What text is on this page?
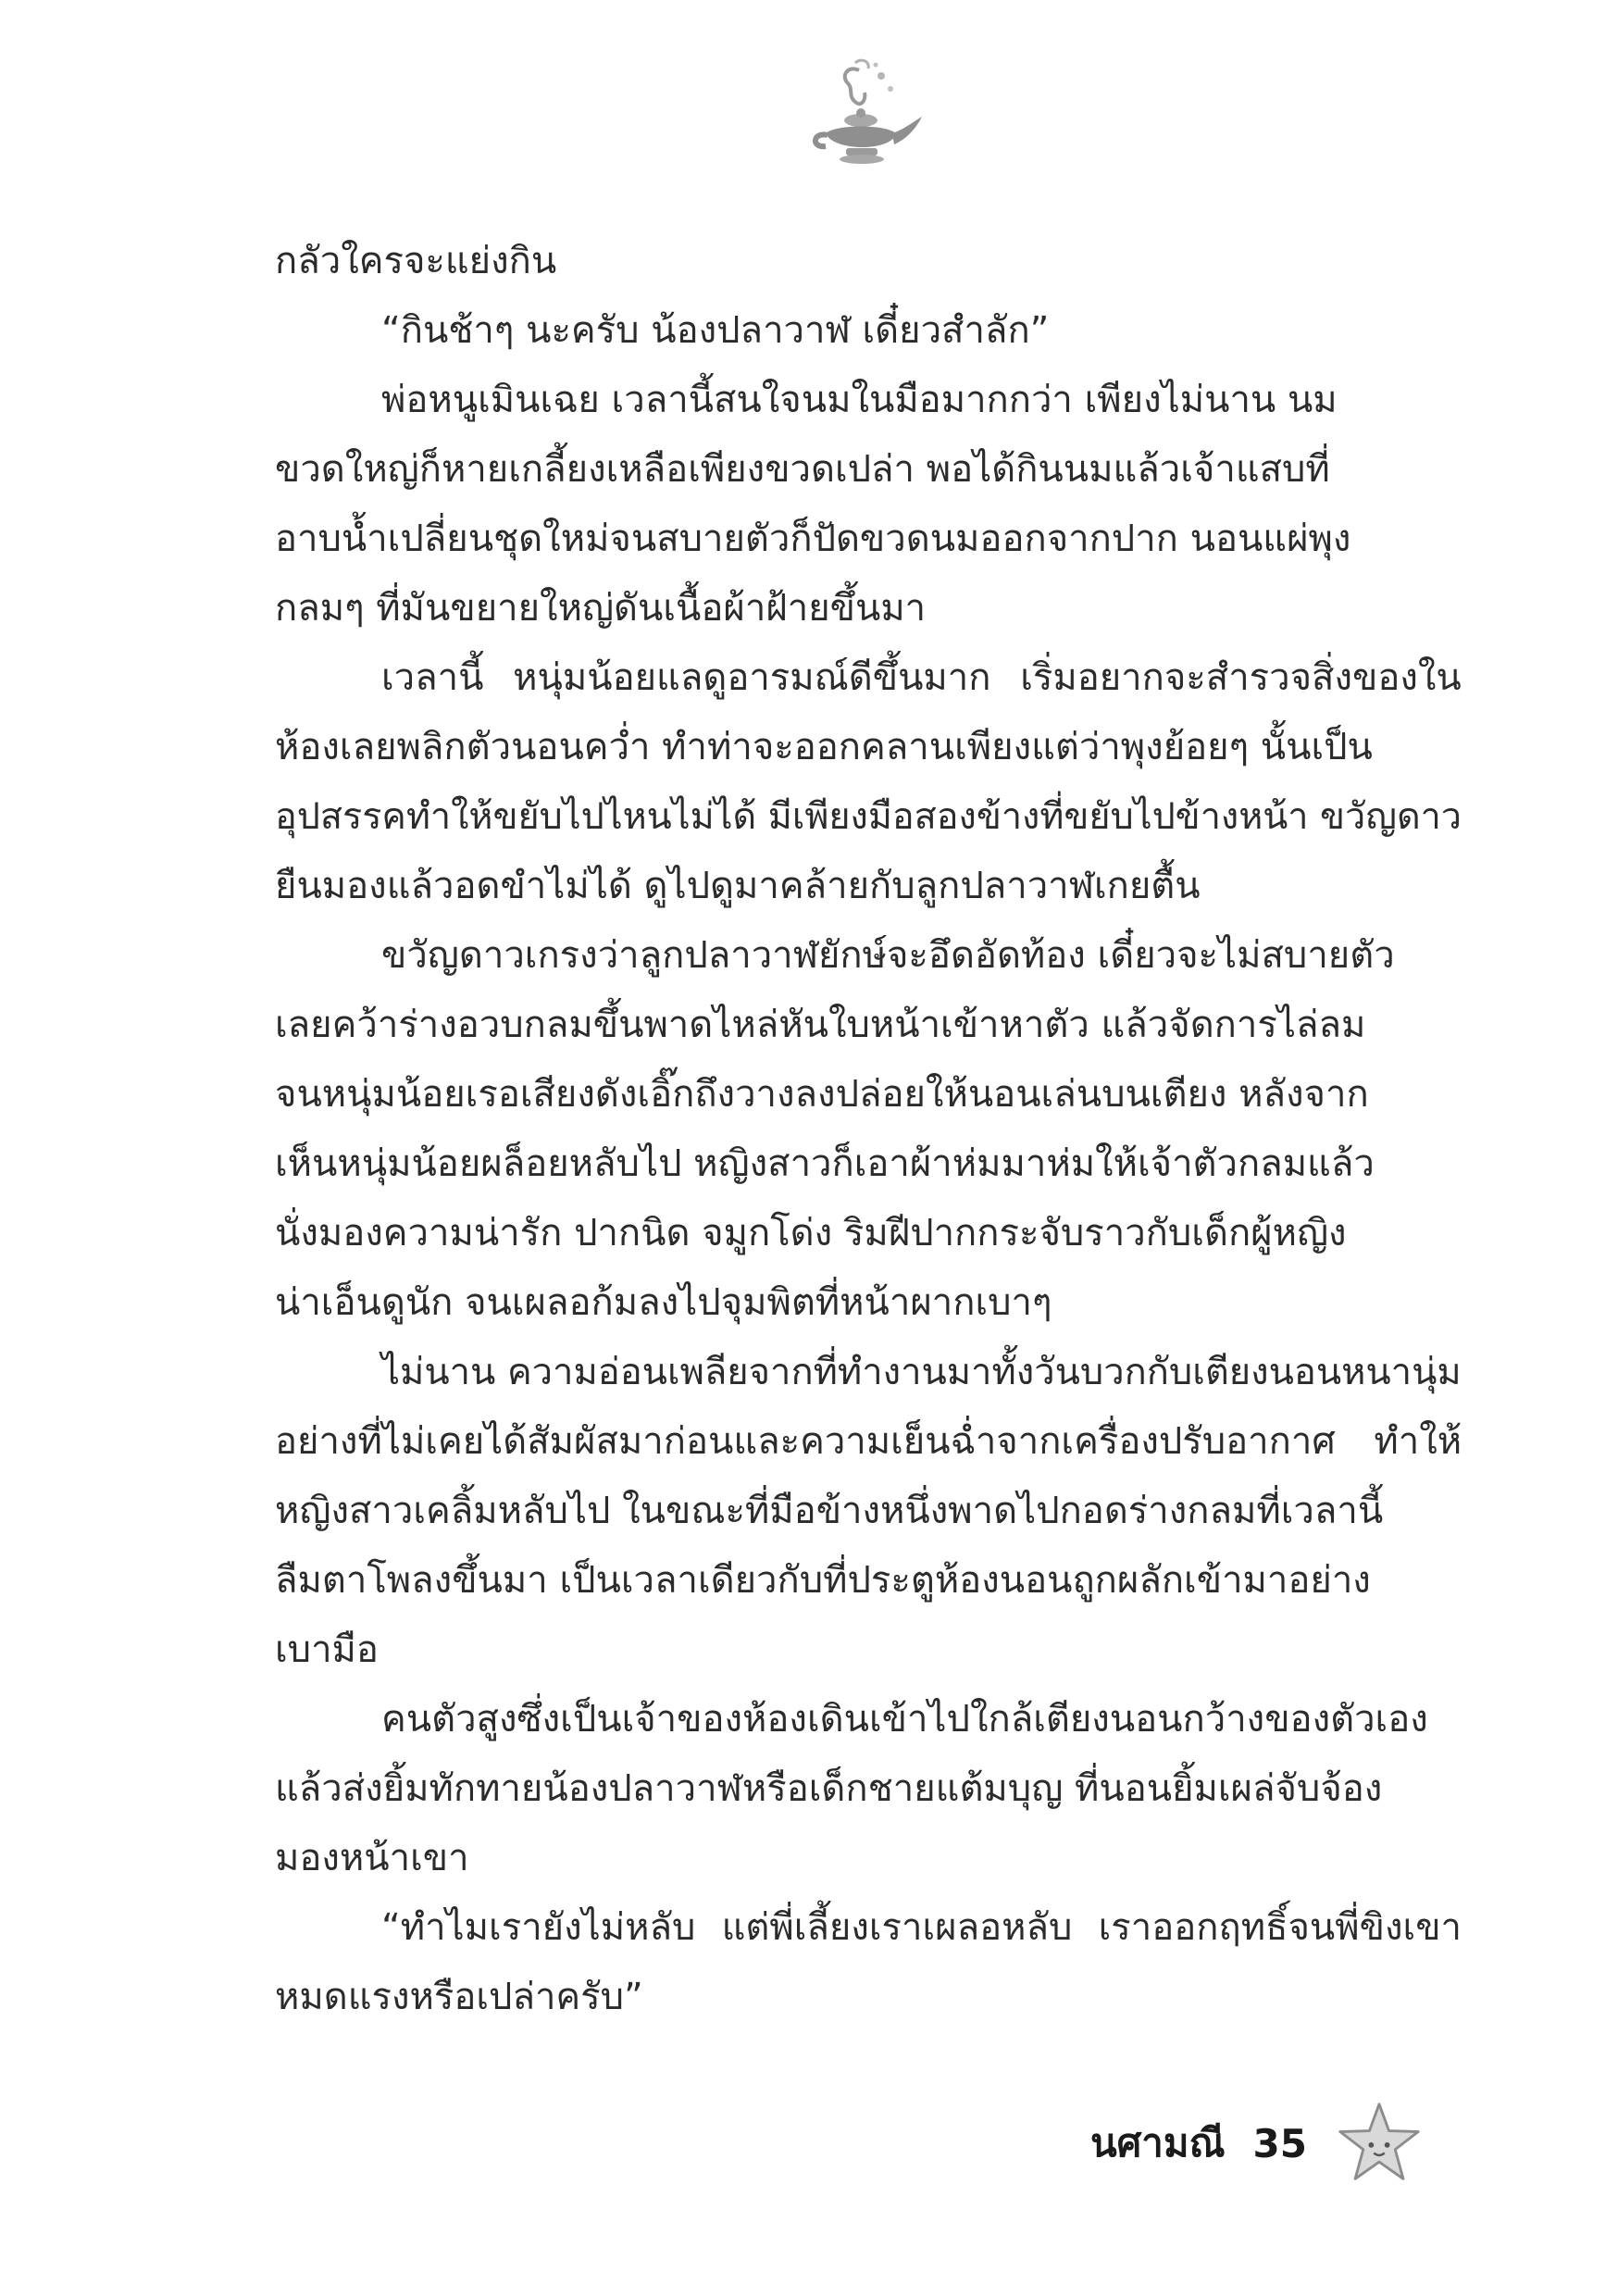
กลัวใครจะแย่งกิน
“กินช้าๆ นะครับ น้องปลาวาฬ เดี๋ยวสำลัก”
พ่อหนูเมินเฉย เวลานี้สนใจนมในมือมากกว่า เพียงไม่นาน นม
ขวดใหญ่ก็หายเกลี้ยงเหลือเพียงขวดเปล่า พอได้กินนมแล้วเจ้าแสบที่
อาบน้ำเปลี่ยนชุดใหม่จนสบายตัวก็ปัดขวดนมออกจากปาก นอนแผ่พุง
กลมๆ ที่มันขยายใหญ่ดันเนื้อผ้าฝ้ายขึ้นมา
เวลานี้ หนุ่มน้อยแลดูอารมณ์ดีขึ้นมาก เริ่มอยากจะสำรวจสิ่งของใน
ห้องเลยพลิกตัวนอนคว่ำ ทำท่าจะออกคลานเพียงแต่ว่าพุงย้อยๆ นั้นเป็น
อุปสรรคทำให้ขยับไปไหนไม่ได้ มีเพียงมือสองข้างที่ขยับไปข้างหน้า ขวัญดาว
ยืนมองแล้วอดขำไม่ได้ ดูไปดูมาคล้ายกับลูกปลาวาฬเกยตื้น
ขวัญดาวเกรงว่าลูกปลาวาฬยักษ์จะอึดอัดท้อง เดี๋ยวจะไม่สบายตัว
เลยคว้าร่างอวบกลมขึ้นพาดไหล่หันใบหน้าเข้าหาตัว แล้วจัดการไล่ลม
จนหนุ่มน้อยเรอเสียงดังเอิ๊กถึงวางลงปล่อยให้นอนเล่นบนเตียง หลังจาก
เห็นหนุ่มน้อยผล็อยหลับไป หญิงสาวก็เอาผ้าห่มมาห่มให้เจ้าตัวกลมแล้ว
นั่งมองความน่ารัก ปากนิด จมูกโด่ง ริมฝีปากกระจับราวกับเด็กผู้หญิง
น่าเอ็นดูนัก จนเผลอก้มลงไปจุมพิตที่หน้าผากเบาๆ
ไม่นาน ความอ่อนเพลียจากที่ทำงานมาทั้งวันบวกกับเตียงนอนหนานุ่ม
อย่างที่ไม่เคยได้สัมผัสมาก่อนและความเย็นฉ่ำจากเครื่องปรับอากาศ ทำให้
หญิงสาวเคลิ้มหลับไป ในขณะที่มือข้างหนึ่งพาดไปกอดร่างกลมที่เวลานี้
ลืมตาโพลงขึ้นมา เป็นเวลาเดียวกับที่ประตูห้องนอนถูกผลักเข้ามาอย่าง
เบามือ
คนตัวสูงซึ่งเป็นเจ้าของห้องเดินเข้าไปใกล้เตียงนอนกว้างของตัวเอง
แล้วส่งยิ้มทักทายน้องปลาวาฬหรือเด็กชายแต้มบุญ ที่นอนยิ้มเผล่จับจ้อง
มองหน้าเขา
“ทำไมเรายังไม่หลับ แต่พี่เลี้ยงเราเผลอหลับ เราออกฤทธิ์จนพี่ขิงเขา
หมดแรงหรือเปล่าครับ”
นศามณี 35
